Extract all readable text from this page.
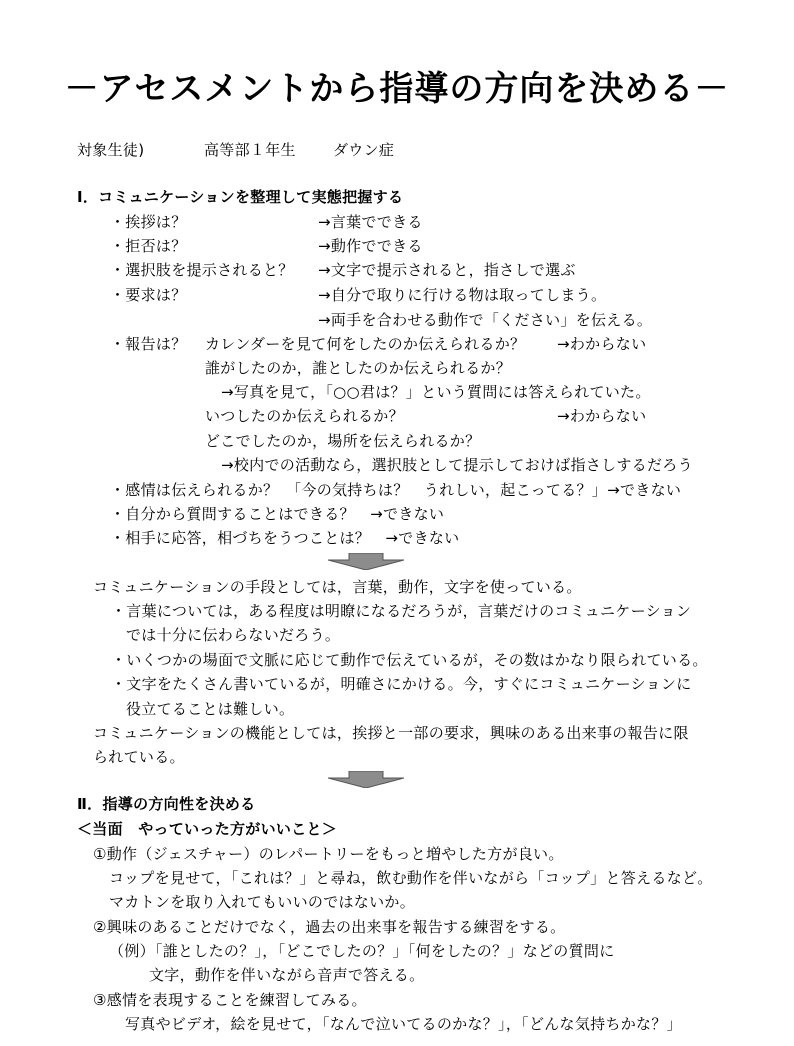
－アセスメントから指導の方向を決める－
対象生徒)	高等部１年生 ダウン症
Ⅰ．コミュニケーションを整理して実態把握する
・挨拶は？	→言葉でできる
・拒否は？	→動作でできる
・選択肢を提示されると？ →文字で提示されると，指さしで選ぶ
・要求は？	→自分で取りに行ける物は取ってしまう。
→両手を合わせる動作で「ください」を伝える。
・報告は？ カレンダーを見て何をしたのか伝えられるか？ →わからない
誰がしたのか，誰としたのか伝えられるか？
→写真を見て，「○○君は？」という質問には答えられていた。
いつしたのか伝えられるか？	→わからない
どこでしたのか，場所を伝えられるか？
→校内での活動なら，選択肢として提示しておけば指さしするだろう
・感情は伝えられるか？　「今の気持ちは？　うれしい，起こってる？」→できない
・自分から質問することはできる？　→できない
・相手に応答，相づちをうつことは？　→できない
コミュニケーションの手段としては，言葉，動作，文字を使っている。
・言葉については，ある程度は明瞭になるだろうが，言葉だけのコミュニケーション
では十分に伝わらないだろう。
・いくつかの場面で文脈に応じて動作で伝えているが，その数はかなり限られている。
・文字をたくさん書いているが，明確さにかける。今，すぐにコミュニケーションに
役立てることは難しい。
コミュニケーションの機能としては，挨拶と一部の要求，興味のある出来事の報告に限
られている。
Ⅱ．指導の方向性を決める
＜当面　やっていった方がいいこと＞
①動作（ジェスチャー）のレパートリーをもっと増やした方が良い。
コップを見せて，「これは？」と尋ね，飲む動作を伴いながら「コップ」と答えるなど。
マカトンを取り入れてもいいのではないか。
②興味のあることだけでなく，過去の出来事を報告する練習をする。
（例）「誰としたの？」，「どこでしたの？」「何をしたの？」などの質問に
文字，動作を伴いながら音声で答える。
③感情を表現することを練習してみる。
写真やビデオ，絵を見せて，「なんで泣いてるのかな？」，「どんな気持ちかな？」
